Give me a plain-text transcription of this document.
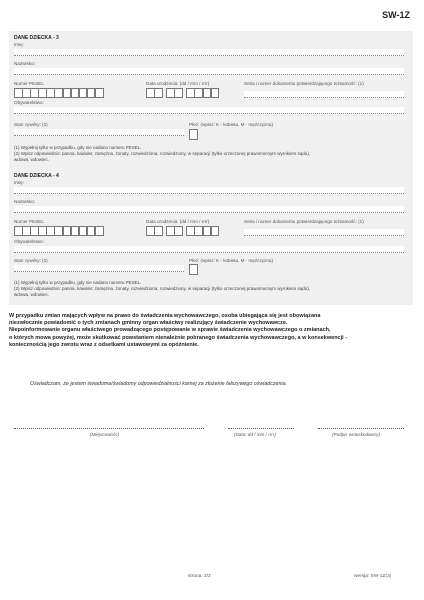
SW-1Z
DANE DZIECKA - 3
Imię:
Nazwisko:
Numer PESEL	Data urodzenia: (dd / mm / rrrr)	Seria i numer dokumentu potwierdzającego tożsamość: (1)
Obywatelstwo:
Stan cywilny: (2)	Płeć: (wpisz: K - kobieta, M - mężczyzna)
(1) Wypełnij tylko w przypadku, gdy nie nadano numeru PESEL.
(2) Wpisz odpowiednio: panna, kawaler, zamężna, żonaty, rozwiedziona, rozwiedziony, w separacji (tylko orzeczonej prawomocnym wyrokiem sądu),
wdowa, wdowiec.
DANE DZIECKA - 4
Imię:
Nazwisko:
Numer PESEL	Data urodzenia: (dd / mm / rrrr)	Seria i numer dokumentu potwierdzającego tożsamość: (1)
Obywatelstwo:
Stan cywilny: (2)	Płeć: (wpisz: K - kobieta, M - mężczyzna)
(1) Wypełnij tylko w przypadku, gdy nie nadano numeru PESEL.
(2) Wpisz odpowiednio: panna, kawaler, zamężna, żonaty, rozwiedziona, rozwiedziony, w separacji (tylko orzeczonej prawomocnym wyrokiem sądu),
wdowa, wdowiec.
W przypadku zmian mających wpływ na prawo do świadczenia wychowawczego, osoba ubiegająca się jest obowiązana
niezwłocznie powiadomić o tych zmianach gminny organ właściwy realizujący świadczenie wychowawcze.
Niepoinformowanie organu właściwego prowadzącego postępowanie w sprawie świadczenia wychowawczego o zmianach,
o których mowa powyżej, może skutkować powstaniem nienależnie pobranego świadczenia wychowawczego, a w konsekwencji -
koniecznością jego zwrotu wraz z odsetkami ustawowymi za opóźnienie.
Oświadczam, że jestem świadoma/świadomy odpowiedzialności karnej za złożenie fałszywego oświadczenia.
(Miejscowość)	(Data: dd / mm / rrrr)	(Podpis wnioskodawcy)
strona: 2/2	wersja: SW-1Z(3)
